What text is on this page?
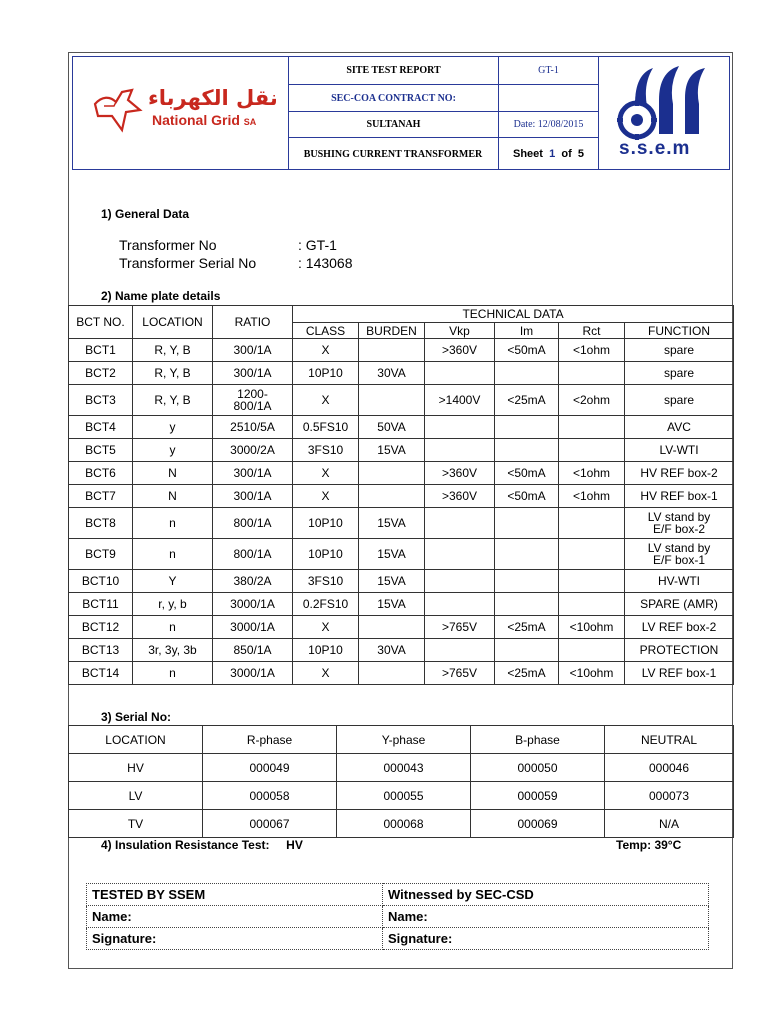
SITE TEST REPORT	GT-1
SEC-COA CONTRACT NO:
SULTANAH	Date: 12/08/2015
BUSHING CURRENT TRANSFORMER	Sheet
1
of
5
نقل الكهرباء
National Grid SA
s.s.e.m
1) General Data
Transformer No	: GT-1
Transformer Serial No	: 143068
2) Name plate details
BCT NO.	LOCATION	RATIO	TECHNICAL DATA					
			CLASS	BURDEN	Vkp	Im	Rct	FUNCTION
BCT1	R, Y, B	300/1A	X		>360V	<50mA	<1ohm	spare
BCT2	R, Y, B	300/1A	10P10	30VA				spare
BCT3	R, Y, B	1200-800/1A	X		>1400V	<25mA	<2ohm	spare
BCT4	y	2510/5A	0.5FS10	50VA				AVC
BCT5	y	3000/2A	3FS10	15VA				LV-WTI
BCT6	N	300/1A	X		>360V	<50mA	<1ohm	HV REF box-2
BCT7	N	300/1A	X		>360V	<50mA	<1ohm	HV REF box-1
BCT8	n	800/1A	10P10	15VA				LV stand by E/F box-2
BCT9	n	800/1A	10P10	15VA				LV stand by E/F box-1
BCT10	Y	380/2A	3FS10	15VA				HV-WTI
BCT11	r, y, b	3000/1A	0.2FS10	15VA				SPARE (AMR)
BCT12	n	3000/1A	X		>765V	<25mA	<10ohm	LV REF box-2
BCT13	3r, 3y, 3b	850/1A	10P10	30VA				PROTECTION
BCT14	n	3000/1A	X		>765V	<25mA	<10ohm	LV REF box-1
3) Serial No:
LOCATION	R-phase	Y-phase	B-phase	NEUTRAL
HV	000049	000043	000050	000046
LV	000058	000055	000059	000073
TV	000067	000068	000069	N/A
4) Insulation Resistance Test: HV	Temp: 39°C
TESTED BY SSEM	Witnessed by SEC-CSD
Name:	Name:
Signature:	Signature:
